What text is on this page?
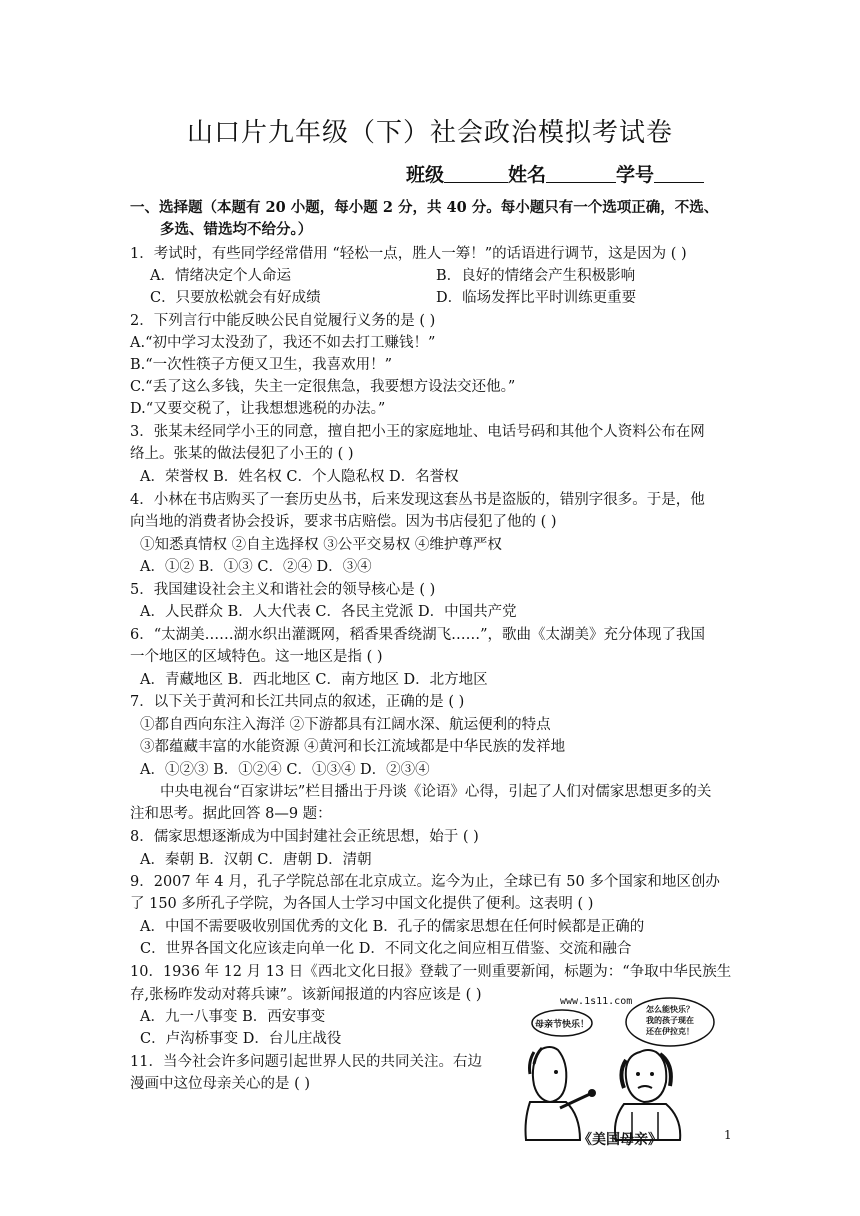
山口片九年级（下）社会政治模拟考试卷
班级	姓名	学号
一、选择题（本题有 20 小题，每小题 2 分，共 40 分。每小题只有一个选项正确，不选、
多选、错选均不给分。）
1．考试时，有些同学经常借用 “轻松一点，胜人一筹！”的话语进行调节，这是因为 ( )
A．情绪决定个人命运	B．良好的情绪会产生积极影响
C．只要放松就会有好成绩	D．临场发挥比平时训练更重要
2．下列言行中能反映公民自觉履行义务的是 ( )
A.“初中学习太没劲了，我还不如去打工赚钱！”
B.“一次性筷子方便又卫生，我喜欢用！”
C.“丢了这么多钱，失主一定很焦急，我要想方设法交还他。”
D.“又要交税了，让我想想逃税的办法。”
3．张某未经同学小王的同意，擅自把小王的家庭地址、电话号码和其他个人资料公布在网
络上。张某的做法侵犯了小王的 ( )
A．荣誉权 B．姓名权 C．个人隐私权 D．名誉权
4．小林在书店购买了一套历史丛书，后来发现这套丛书是盗版的，错别字很多。于是，他
向当地的消费者协会投诉，要求书店赔偿。因为书店侵犯了他的 ( )
①知悉真情权 ②自主选择权 ③公平交易权 ④维护尊严权
A．①② B．①③ C．②④ D．③④
5．我国建设社会主义和谐社会的领导核心是 ( )
A．人民群众 B．人大代表 C．各民主党派 D．中国共产党
6．“太湖美……湖水织出灌溉网，稻香果香绕湖飞……”，歌曲《太湖美》充分体现了我国
一个地区的区域特色。这一地区是指 ( )
A．青藏地区 B．西北地区 C．南方地区 D．北方地区
7．以下关于黄河和长江共同点的叙述，正确的是 ( )
①都自西向东注入海洋 ②下游都具有江阔水深、航运便利的特点
③都蕴藏丰富的水能资源 ④黄河和长江流域都是中华民族的发祥地
A．①②③ B．①②④ C．①③④ D．②③④
中央电视台“百家讲坛”栏目播出于丹谈《论语》心得，引起了人们对儒家思想更多的关
注和思考。据此回答 8—9 题：
8．儒家思想逐渐成为中国封建社会正统思想，始于 ( )
A．秦朝 B．汉朝 C．唐朝 D．清朝
9．2007 年 4 月，孔子学院总部在北京成立。迄今为止，全球已有 50 多个国家和地区创办
了 150 多所孔子学院，为各国人士学习中国文化提供了便利。这表明 ( )
A．中国不需要吸收别国优秀的文化 B．孔子的儒家思想在任何时候都是正确的
C．世界各国文化应该走向单一化 D．不同文化之间应相互借鉴、交流和融合
10．1936 年 12 月 13 日《西北文化日报》登载了一则重要新闻，标题为：“争取中华民族生
存,张杨昨发动对蒋兵谏”。该新闻报道的内容应该是 ( )
A．九一八事变 B．西安事变
C．卢沟桥事变 D．台儿庄战役
11．当今社会许多问题引起世界人民的共同关注。右边
漫画中这位母亲关心的是 ( )
www.1s11.com
母亲节快乐！
怎么能快乐？
我的孩子现在
还在伊拉克！
《美国母亲》	1
